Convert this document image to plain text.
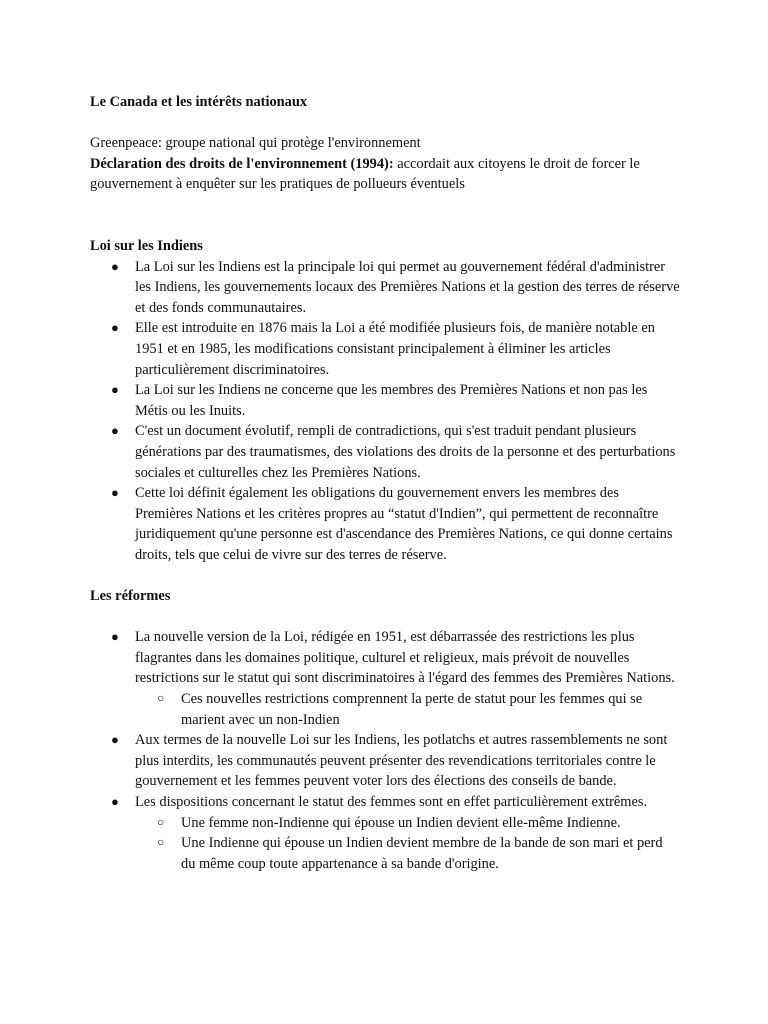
Le Canada et les intérêts nationaux

Greenpeace: groupe national qui protège l'environnement

Déclaration des droits de l'environnement (1994): accordait aux citoyens le droit de forcer le gouvernement à enquêter sur les pratiques de pollueurs éventuels

Loi sur les Indiens

● La Loi sur les Indiens est la principale loi qui permet au gouvernement fédéral d'administrer les Indiens, les gouvernements locaux des Premières Nations et la gestion des terres de réserve et des fonds communautaires.
● Elle est introduite en 1876 mais la Loi a été modifiée plusieurs fois, de manière notable en 1951 et en 1985, les modifications consistant principalement à éliminer les articles particulièrement discriminatoires.
● La Loi sur les Indiens ne concerne que les membres des Premières Nations et non pas les Métis ou les Inuits.
● C'est un document évolutif, rempli de contradictions, qui s'est traduit pendant plusieurs générations par des traumatismes, des violations des droits de la personne et des perturbations sociales et culturelles chez les Premières Nations.
● Cette loi définit également les obligations du gouvernement envers les membres des Premières Nations et les critères propres au “statut d'Indien”, qui permettent de reconnaître juridiquement qu'une personne est d'ascendance des Premières Nations, ce qui donne certains droits, tels que celui de vivre sur des terres de réserve.

Les réformes

● La nouvelle version de la Loi, rédigée en 1951, est débarrassée des restrictions les plus flagrantes dans les domaines politique, culturel et religieux, mais prévoit de nouvelles restrictions sur le statut qui sont discriminatoires à l'égard des femmes des Premières Nations.
○ Ces nouvelles restrictions comprennent la perte de statut pour les femmes qui se marient avec un non-Indien
● Aux termes de la nouvelle Loi sur les Indiens, les potlatchs et autres rassemblements ne sont plus interdits, les communautés peuvent présenter des revendications territoriales contre le gouvernement et les femmes peuvent voter lors des élections des conseils de bande.
● Les dispositions concernant le statut des femmes sont en effet particulièrement extrêmes.
○ Une femme non-Indienne qui épouse un Indien devient elle-même Indienne.
○ Une Indienne qui épouse un Indien devient membre de la bande de son mari et perd du même coup toute appartenance à sa bande d'origine.
